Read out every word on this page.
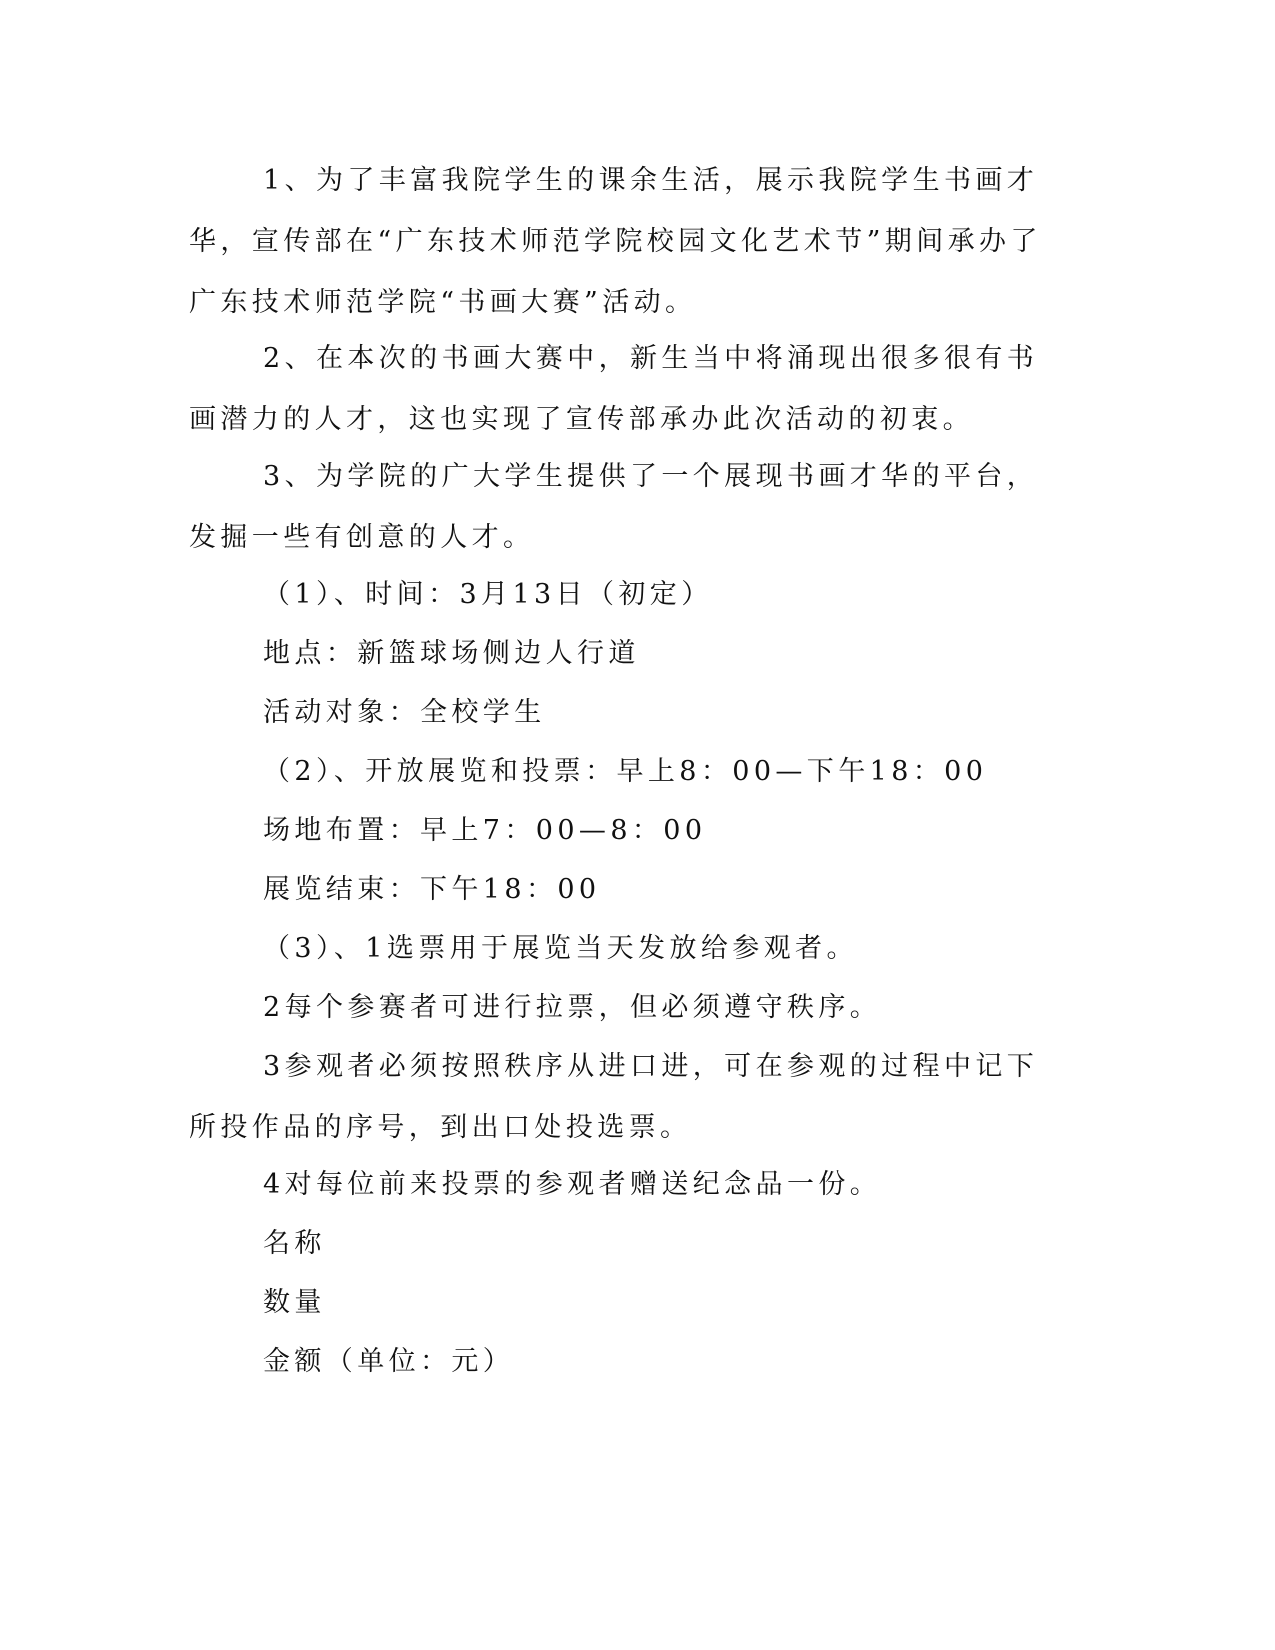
1、为了丰富我院学生的课余生活，展示我院学生书画才华，宣传部在“广东技术师范学院校园文化艺术节”期间承办了广东技术师范学院“书画大赛”活动。

2、在本次的书画大赛中，新生当中将涌现出很多很有书画潜力的人才，这也实现了宣传部承办此次活动的初衷。

3、为学院的广大学生提供了一个展现书画才华的平台，发掘一些有创意的人才。

（1）、时间：3月13日（初定）

地点：新篮球场侧边人行道

活动对象：全校学生

（2）、开放展览和投票：早上8：00—下午18：00

场地布置：早上7：00—8：00

展览结束：下午18：00

（3）、1选票用于展览当天发放给参观者。

2每个参赛者可进行拉票，但必须遵守秩序。

3参观者必须按照秩序从进口进，可在参观的过程中记下所投作品的序号，到出口处投选票。

4对每位前来投票的参观者赠送纪念品一份。

名称

数量

金额（单位：元）
